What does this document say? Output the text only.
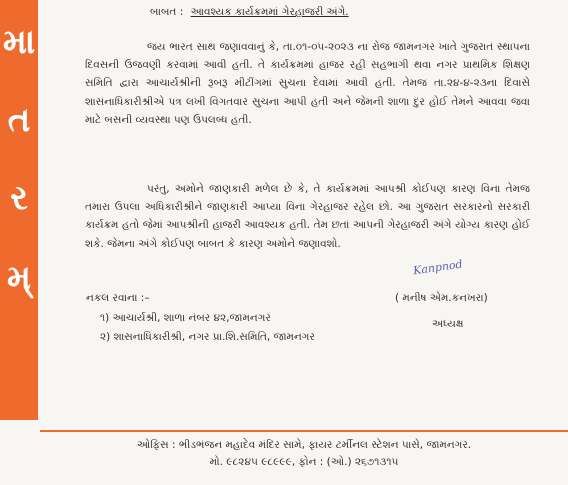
મા
ત
ર
મ્
બાબત : આવશ્યક કાર્યક્રમમાં ગેરહાજરી અંગે.
જય ભારત સાથ જણાવવાનું કે, તા.૦૧-૦૫-૨૦૨૩ ના રોજ જામનગર ખાતે ગુજરાત સ્થાપના દિવસની ઉજવણી કરવામાં આવી હતી. તે કાર્યક્રમમાં હાજર રહી સહભાગી થવા નગર પ્રાથમિક શિક્ષણ સમિતિ દ્વારા આચાર્યશ્રીની રૂબરૂ મીટીંગમાં સુચના દેવામાં આવી હતી. તેમજ તા.૨૪-૪-૨૩ના દિવાસે શાસનાધિકારીશ્રીએ પત્ર લખી વિગતવાર સુચના આપી હતી અને જેમની શાળા દુર હોઈ તેમને આવવા જવા માટે બસની વ્યવસ્થા પણ ઉપલબ્ધ હતી.
પરંતુ, અમોને જાણકારી મળેલ છે કે, તે કાર્યક્રમમાં આપશ્રી કોઈપણ કારણ વિના તેમજ તમારા ઉપલા અધિકારીશ્રીને જાણકારી આપ્યા વિના ગેરહાજર રહેલ છો. આ ગુજરાત સરકારનો સરકારી કાર્યક્રમ હતો જેમાં આપશ્રીની હાજરી આવશ્યક હતી. તેમ છતાં આપની ગેરહાજરી અંગે યોગ્ય કારણ હોઈ શકે. જેમના અંગે કોઈપણ બાબત કે કારણ અમોને જણાવશો.
Kanpnod
( મનીષ એમ.કનખરા)
અધ્યક્ષ
નકલ રવાના :–
૧) આચાર્યશ્રી, શાળા નંબર ૪૨,જામનગર
૨) શાસનાધિકારીશ્રી, નગર પ્રા.શિ.સમિતિ, જામનગર
ઓફિસ : ભીડભંજન મહાદેવ મંદિર સામે, ફાયર ટર્મીનલ સ્ટેશન પાસે, જામનગર.
મો. ૯૮૨૪૫ ૯૮૯૯૯, ફોન : (ઓ.) ૨૬૭૧૩૧૫
